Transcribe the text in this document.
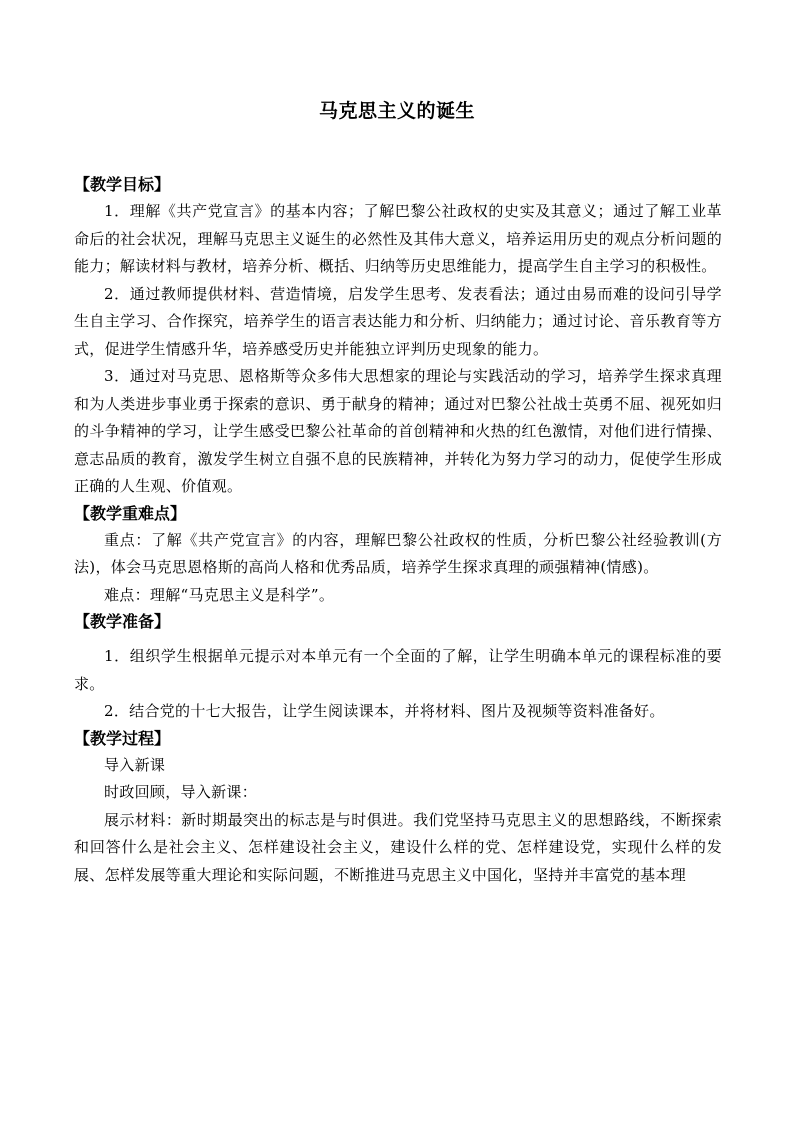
马克思主义的诞生

【教学目标】

1．理解《共产党宣言》的基本内容；了解巴黎公社政权的史实及其意义；通过了解工业革命后的社会状况，理解马克思主义诞生的必然性及其伟大意义，培养运用历史的观点分析问题的能力；解读材料与教材，培养分析、概括、归纳等历史思维能力，提高学生自主学习的积极性。

2．通过教师提供材料、营造情境，启发学生思考、发表看法；通过由易而难的设问引导学生自主学习、合作探究，培养学生的语言表达能力和分析、归纳能力；通过讨论、音乐教育等方式，促进学生情感升华，培养感受历史并能独立评判历史现象的能力。

3．通过对马克思、恩格斯等众多伟大思想家的理论与实践活动的学习，培养学生探求真理和为人类进步事业勇于探索的意识、勇于献身的精神；通过对巴黎公社战士英勇不屈、视死如归的斗争精神的学习，让学生感受巴黎公社革命的首创精神和火热的红色激情，对他们进行情操、意志品质的教育，激发学生树立自强不息的民族精神，并转化为努力学习的动力，促使学生形成正确的人生观、价值观。

【教学重难点】

重点：了解《共产党宣言》的内容，理解巴黎公社政权的性质，分析巴黎公社经验教训(方法)，体会马克思恩格斯的高尚人格和优秀品质，培养学生探求真理的顽强精神(情感)。

难点：理解“马克思主义是科学”。

【教学准备】

1．组织学生根据单元提示对本单元有一个全面的了解，让学生明确本单元的课程标准的要求。

2．结合党的十七大报告，让学生阅读课本，并将材料、图片及视频等资料准备好。

【教学过程】

导入新课

时政回顾，导入新课：

展示材料：新时期最突出的标志是与时俱进。我们党坚持马克思主义的思想路线，不断探索和回答什么是社会主义、怎样建设社会主义，建设什么样的党、怎样建设党，实现什么样的发展、怎样发展等重大理论和实际问题，不断推进马克思主义中国化，坚持并丰富党的基本理
